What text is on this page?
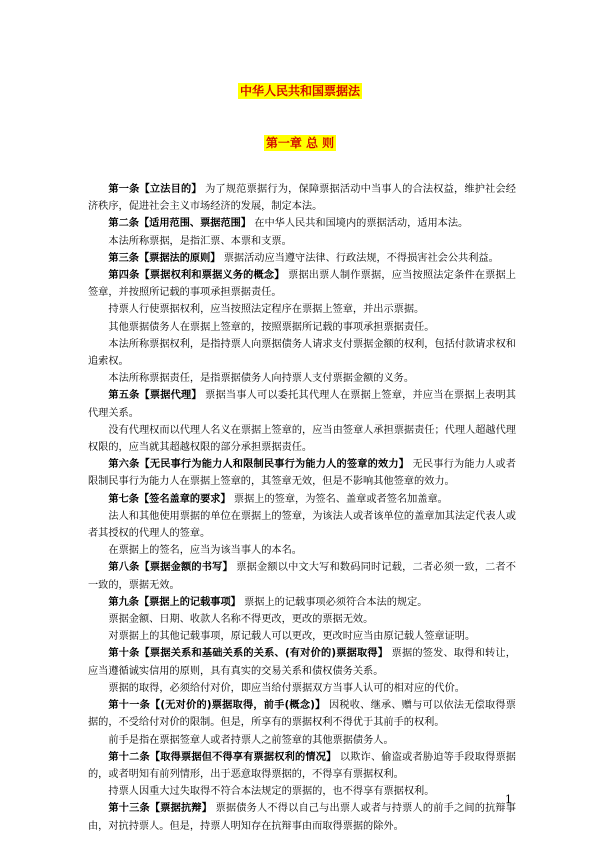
中华人民共和国票据法
第一章 总 则

第一条【立法目的】 为了规范票据行为，保障票据活动中当事人的合法权益，维护社会经济秩序，促进社会主义市场经济的发展，制定本法。

第二条【适用范围、票据范围】 在中华人民共和国境内的票据活动，适用本法。

本法所称票据，是指汇票、本票和支票。

第三条【票据法的原则】 票据活动应当遵守法律、行政法规，不得损害社会公共利益。

第四条【票据权利和票据义务的概念】 票据出票人制作票据，应当按照法定条件在票据上签章，并按照所记载的事项承担票据责任。

持票人行使票据权利，应当按照法定程序在票据上签章，并出示票据。

其他票据债务人在票据上签章的，按照票据所记载的事项承担票据责任。

本法所称票据权利，是指持票人向票据债务人请求支付票据金额的权利，包括付款请求权和追索权。

本法所称票据责任，是指票据债务人向持票人支付票据金额的义务。

第五条【票据代理】 票据当事人可以委托其代理人在票据上签章，并应当在票据上表明其代理关系。

没有代理权而以代理人名义在票据上签章的，应当由签章人承担票据责任；代理人超越代理权限的，应当就其超越权限的部分承担票据责任。

第六条【无民事行为能力人和限制民事行为能力人的签章的效力】 无民事行为能力人或者限制民事行为能力人在票据上签章的，其签章无效，但是不影响其他签章的效力。

第七条【签名盖章的要求】 票据上的签章，为签名、盖章或者签名加盖章。

法人和其他使用票据的单位在票据上的签章，为该法人或者该单位的盖章加其法定代表人或者其授权的代理人的签章。

在票据上的签名，应当为该当事人的本名。

第八条【票据金额的书写】 票据金额以中文大写和数码同时记载，二者必须一致，二者不一致的，票据无效。

第九条【票据上的记载事项】 票据上的记载事项必须符合本法的规定。

票据金额、日期、收款人名称不得更改，更改的票据无效。

对票据上的其他记载事项，原记载人可以更改，更改时应当由原记载人签章证明。

第十条【票据关系和基础关系的关系、(有对价的)票据取得】 票据的签发、取得和转让，应当遵循诚实信用的原则，具有真实的交易关系和债权债务关系。

票据的取得，必须给付对价，即应当给付票据双方当事人认可的相对应的代价。

第十一条【(无对价的)票据取得，前手(概念)】 因税收、继承、赠与可以依法无偿取得票据的，不受给付对价的限制。但是，所享有的票据权利不得优于其前手的权利。

前手是指在票据签章人或者持票人之前签章的其他票据债务人。

第十二条【取得票据但不得享有票据权利的情况】 以欺诈、偷盗或者胁迫等手段取得票据的，或者明知有前列情形，出于恶意取得票据的，不得享有票据权利。

持票人因重大过失取得不符合本法规定的票据的，也不得享有票据权利。

第十三条【票据抗辩】 票据债务人不得以自己与出票人或者与持票人的前手之间的抗辩事由，对抗持票人。但是，持票人明知存在抗辩事由而取得票据的除外。

1
